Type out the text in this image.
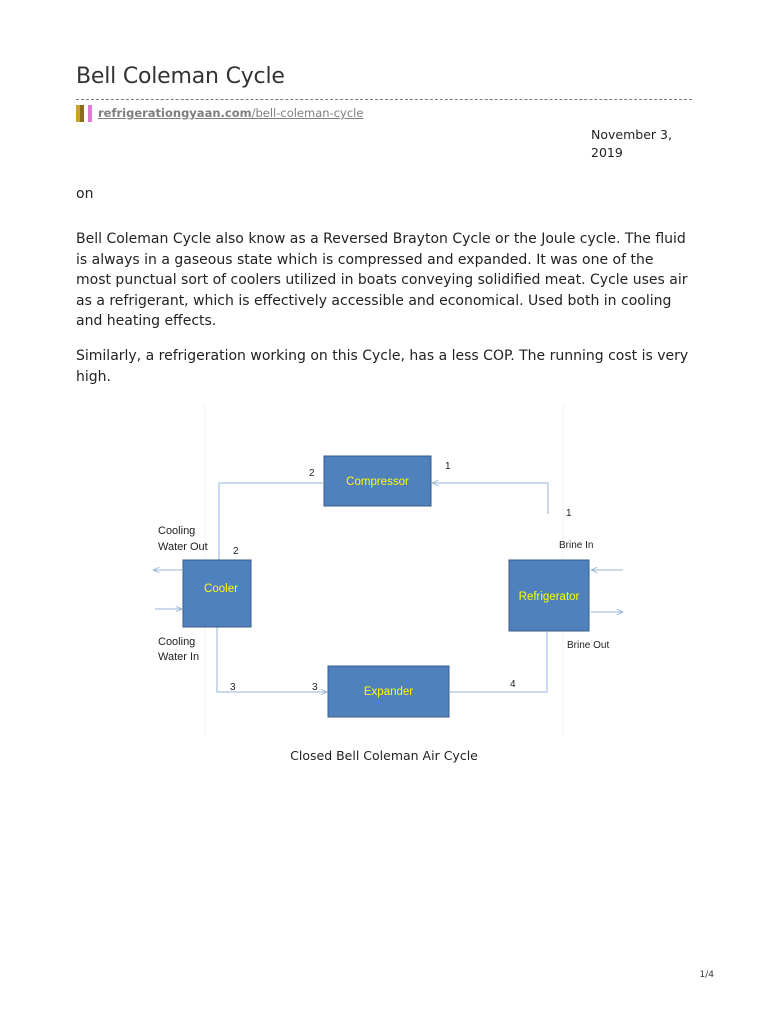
Bell Coleman Cycle
refrigerationgyaan.com /bell-coleman-cycle
November 3,
2019
on

Bell Coleman Cycle also know as a Reversed Brayton Cycle or the Joule cycle. The fluid is always in a gaseous state which is compressed and expanded. It was one of the most punctual sort of coolers utilized in boats conveying solidified meat. Cycle uses air as a refrigerant, which is effectively accessible and economical. Used both in cooling and heating effects.

Similarly, a refrigeration working on this Cycle, has a less COP. The running cost is very high.

Compressor
Cooler
Refrigerator
Expander
Cooling
Water Out
Cooling
Water In
Brine In
Brine Out
2
1
1
2
3	3	4
Closed Bell Coleman Air Cycle
1/4
